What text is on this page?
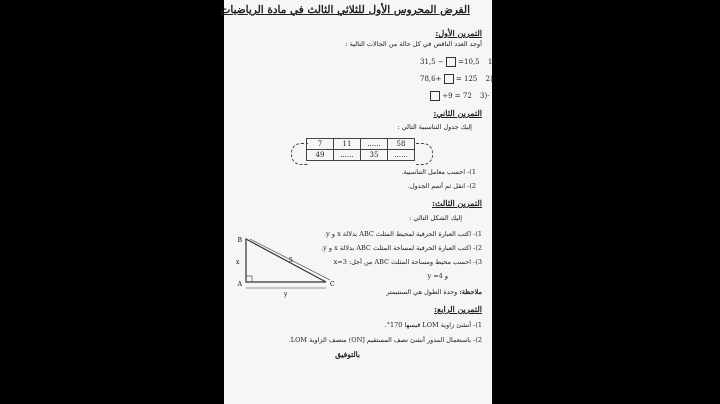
الفرض المحروس الأول للثلاثي الثالث في مادة الرياضيات
التمرين الأول:
أوجد العدد الناقص في كل حالة من الحالات التالية :
31,5 − =10,5 1)-
78,6+ = 125 2)-
÷9 = 72 3)-
التمرين الثاني:
إليك جدول التناسبية التالي :
7	11	......	58
49	......	35	......
1)- احسب معامل التناسبية.
2)- انقل ثم أتمم الجدول.
التمرين الثالث:
إليك الشكل التالي :
1)- اكتب العبارة الحرفية لمحيط المثلث ABC بدلالة x و y.
2)- اكتب العبارة الحرفية لمساحة المثلث ABC بدلالة x و y.
3)- احسب محيط ومساحة المثلث ABC من أجل: x=3
و y =4
ملاحظة: وحدة الطول هي السنتيمتر
B
A	C
x
y
5
التمرين الرابع:
1)- أنشئ زاوية LOM قيسها 170°.
2)- باستعمال المدور أنشئ نصف المستقيم [ON) منصف الزاوية LOM.
بالتوفيق
